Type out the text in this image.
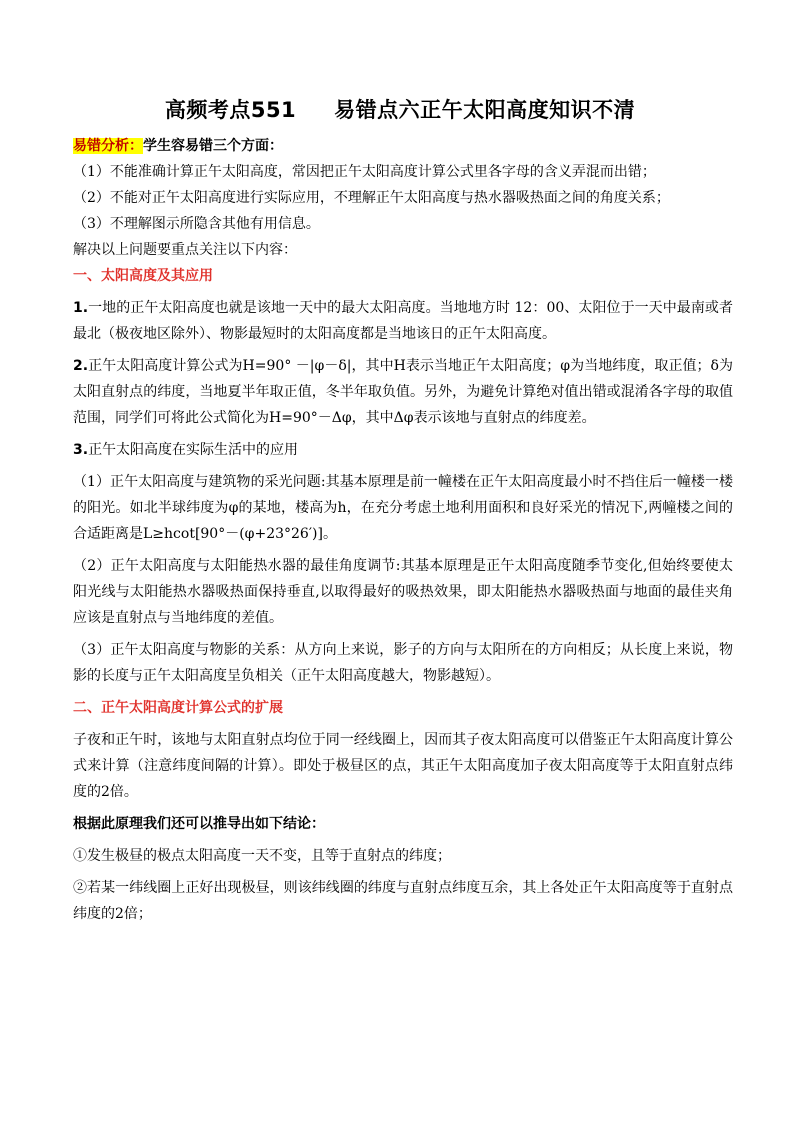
高频考点551 易错点六正午太阳高度知识不清

易错分析：学生容易错三个方面：

（1）不能准确计算正午太阳高度，常因把正午太阳高度计算公式里各字母的含义弄混而出错；

（2）不能对正午太阳高度进行实际应用，不理解正午太阳高度与热水器吸热面之间的角度关系；

（3）不理解图示所隐含其他有用信息。

解决以上问题要重点关注以下内容：

一、太阳高度及其应用

1.一地的正午太阳高度也就是该地一天中的最大太阳高度。当地地方时 12：00、太阳位于一天中最南或者最北（极夜地区除外）、物影最短时的太阳高度都是当地该日的正午太阳高度。

2.正午太阳高度计算公式为H=90° －|φ－δ|，其中H表示当地正午太阳高度；φ为当地纬度，取正值；δ为太阳直射点的纬度，当地夏半年取正值，冬半年取负值。另外，为避免计算绝对值出错或混淆各字母的取值范围，同学们可将此公式简化为H=90°－Δφ，其中Δφ表示该地与直射点的纬度差。

3.正午太阳高度在实际生活中的应用

（1）正午太阳高度与建筑物的采光问题:其基本原理是前一幢楼在正午太阳高度最小时不挡住后一幢楼一楼的阳光。如北半球纬度为φ的某地，楼高为h，在充分考虑土地利用面积和良好采光的情况下,两幢楼之间的合适距离是L≥hcot[90°－(φ+23°26′)]。

（2）正午太阳高度与太阳能热水器的最佳角度调节:其基本原理是正午太阳高度随季节变化,但始终要使太阳光线与太阳能热水器吸热面保持垂直,以取得最好的吸热效果，即太阳能热水器吸热面与地面的最佳夹角应该是直射点与当地纬度的差值。

（3）正午太阳高度与物影的关系：从方向上来说，影子的方向与太阳所在的方向相反；从长度上来说，物影的长度与正午太阳高度呈负相关（正午太阳高度越大，物影越短）。

二、正午太阳高度计算公式的扩展

子夜和正午时，该地与太阳直射点均位于同一经线圈上，因而其子夜太阳高度可以借鉴正午太阳高度计算公式来计算（注意纬度间隔的计算）。即处于极昼区的点，其正午太阳高度加子夜太阳高度等于太阳直射点纬度的2倍。

根据此原理我们还可以推导出如下结论：

①发生极昼的极点太阳高度一天不变，且等于直射点的纬度；

②若某一纬线圈上正好出现极昼，则该纬线圈的纬度与直射点纬度互余，其上各处正午太阳高度等于直射点纬度的2倍；
